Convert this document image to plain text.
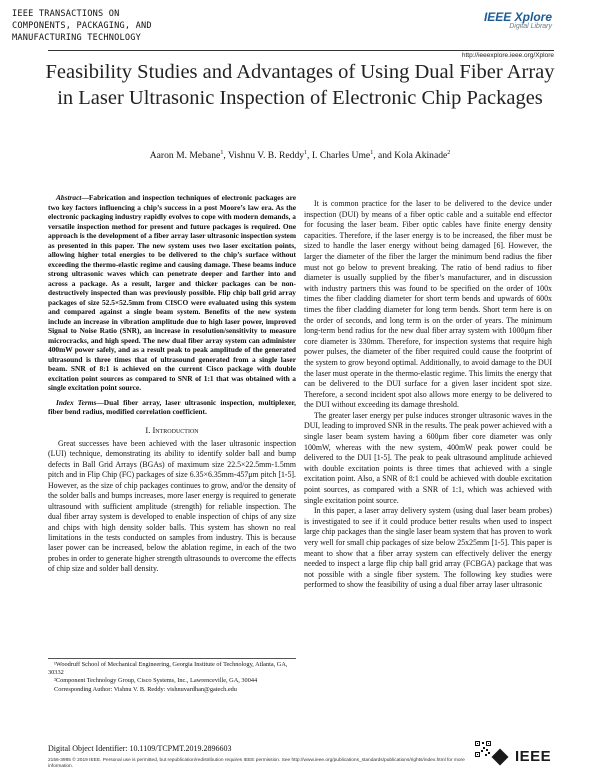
IEEE TRANSACTIONS ON
COMPONENTS, PACKAGING, AND
MANUFACTURING TECHNOLOGY
IEEE Xplore
Digital Library
http://ieeexplore.ieee.org/Xplore
Feasibility Studies and Advantages of Using Dual Fiber Array in Laser Ultrasonic Inspection of Electronic Chip Packages
Aaron M. Mebane$^1$, Vishnu V. B. Reddy$^1$, I. Charles Ume$^1$, and Kola Akinade$^2$

Abstract—Fabrication and inspection techniques of electronic packages are two key factors influencing a chip’s success in a post Moore’s law era. As the electronic packaging industry rapidly evolves to cope with modern demands, a versatile inspection method for present and future packages is required. One approach is the development of a fiber array laser ultrasonic inspection system as presented in this paper. The new system uses two laser excitation points, allowing higher total energies to be delivered to the chip’s surface without exceeding the thermo-elastic regime and causing damage. These beams induce strong ultrasonic waves which can penetrate deeper and farther into and across a package. As a result, larger and thicker packages can be non-destructively inspected than was previously possible. Flip chip ball grid array packages of size 52.5×52.5mm from CISCO were evaluated using this system and compared against a single beam system. Benefits of the new system include an increase in vibration amplitude due to high laser power, improved Signal to Noise Ratio (SNR), an increase in resolution/sensitivity to measure microcracks, and high speed. The new dual fiber array system can administer 400mW power safely, and as a result peak to peak amplitude of the generated ultrasound is three times that of ultrasound generated from a single laser beam. SNR of 8:1 is achieved on the current Cisco package with double excitation point sources as compared to SNR of 1:1 that was obtained with a single excitation point source.

Index Terms—Dual fiber array, laser ultrasonic inspection, multiplexer, fiber bend radius, modified correlation coefficient.

I. Introduction

Great successes have been achieved with the laser ultrasonic inspection (LUI) technique, demonstrating its ability to identify solder ball and bump defects in Ball Grid Arrays (BGAs) of maximum size 22.5×22.5mm-1.5mm pitch and in Flip Chip (FC) packages of size 6.35×6.35mm-457μm pitch [1-5]. However, as the size of chip packages continues to grow, and/or the density of the solder balls and bumps increases, more laser energy is required to generate ultrasound with sufficient amplitude (strength) for reliable inspection. The dual fiber array system is developed to enable inspection of chips of any size and chips with high density solder balls. This system has shown no real limitations in the tests conducted on samples from industry. This is because laser power can be increased, below the ablation regime, in each of the two probes in order to generate higher strength ultrasounds to overcome the effects of chip size and solder ball density.

It is common practice for the laser to be delivered to the device under inspection (DUI) by means of a fiber optic cable and a suitable end effector for focusing the laser beam. Fiber optic cables have finite energy density capacities. Therefore, if the laser energy is to be increased, the fiber must be sized to handle the laser energy without being damaged [6]. However, the larger the diameter of the fiber the larger the minimum bend radius the fiber must not go below to prevent breaking. The ratio of bend radius to fiber diameter is usually supplied by the fiber’s manufacturer, and in discussion with industry partners this was found to be specified on the order of 100x times the fiber cladding diameter for short term bends and upwards of 600x times the fiber cladding diameter for long term bends. Short term here is on the order of seconds, and long term is on the order of years. The minimum long-term bend radius for the new dual fiber array system with 1000μm fiber core diameter is 330mm. Therefore, for inspection systems that require high power pulses, the diameter of the fiber required could cause the footprint of the system to grow beyond optimal. Additionally, to avoid damage to the DUI the laser must operate in the thermo-elastic regime. This limits the energy that can be delivered to the DUI surface for a given laser incident spot size. Therefore, a second incident spot also allows more energy to be delivered to the DUI without exceeding its damage threshold.

The greater laser energy per pulse induces stronger ultrasonic waves in the DUI, leading to improved SNR in the results. The peak power achieved with a single laser beam system having a 600μm fiber core diameter was only 100mW, whereas with the new system, 400mW peak power could be delivered to the DUI [1-5]. The peak to peak ultrasound amplitude achieved with double excitation points is three times that achieved with a single excitation point. Also, a SNR of 8:1 could be achieved with double excitation point sources, as compared with a SNR of 1:1, which was achieved with single excitation point source.

In this paper, a laser array delivery system (using dual laser beam probes) is investigated to see if it could produce better results when used to inspect large chip packages than the single laser beam system that has proven to work very well for small chip packages of size below 25x25mm [1-5]. This paper is meant to show that a fiber array system can effectively deliver the energy needed to inspect a large flip chip ball grid array (FCBGA) package that was not possible with a single fiber system. The following key studies were performed to show the feasibility of using a dual fiber array laser ultrasonic

¹Woodruff School of Mechanical Engineering, Georgia Institute of Technology, Atlanta, GA, 30332
²Component Technology Group, Cisco Systems, Inc., Lawrenceville, GA, 30044
Corresponding Author: Vishnu V. B. Reddy: vishnuvardhan@gatech.edu
Digital Object Identifier: 10.1109/TCPMT.2019.2896603
2156-3985 © 2019 IEEE. Personal use is permitted, but republication/redistribution requires IEEE permission. See http://www.ieee.org/publications_standards/publications/rights/index.html for more information.
IEEE
